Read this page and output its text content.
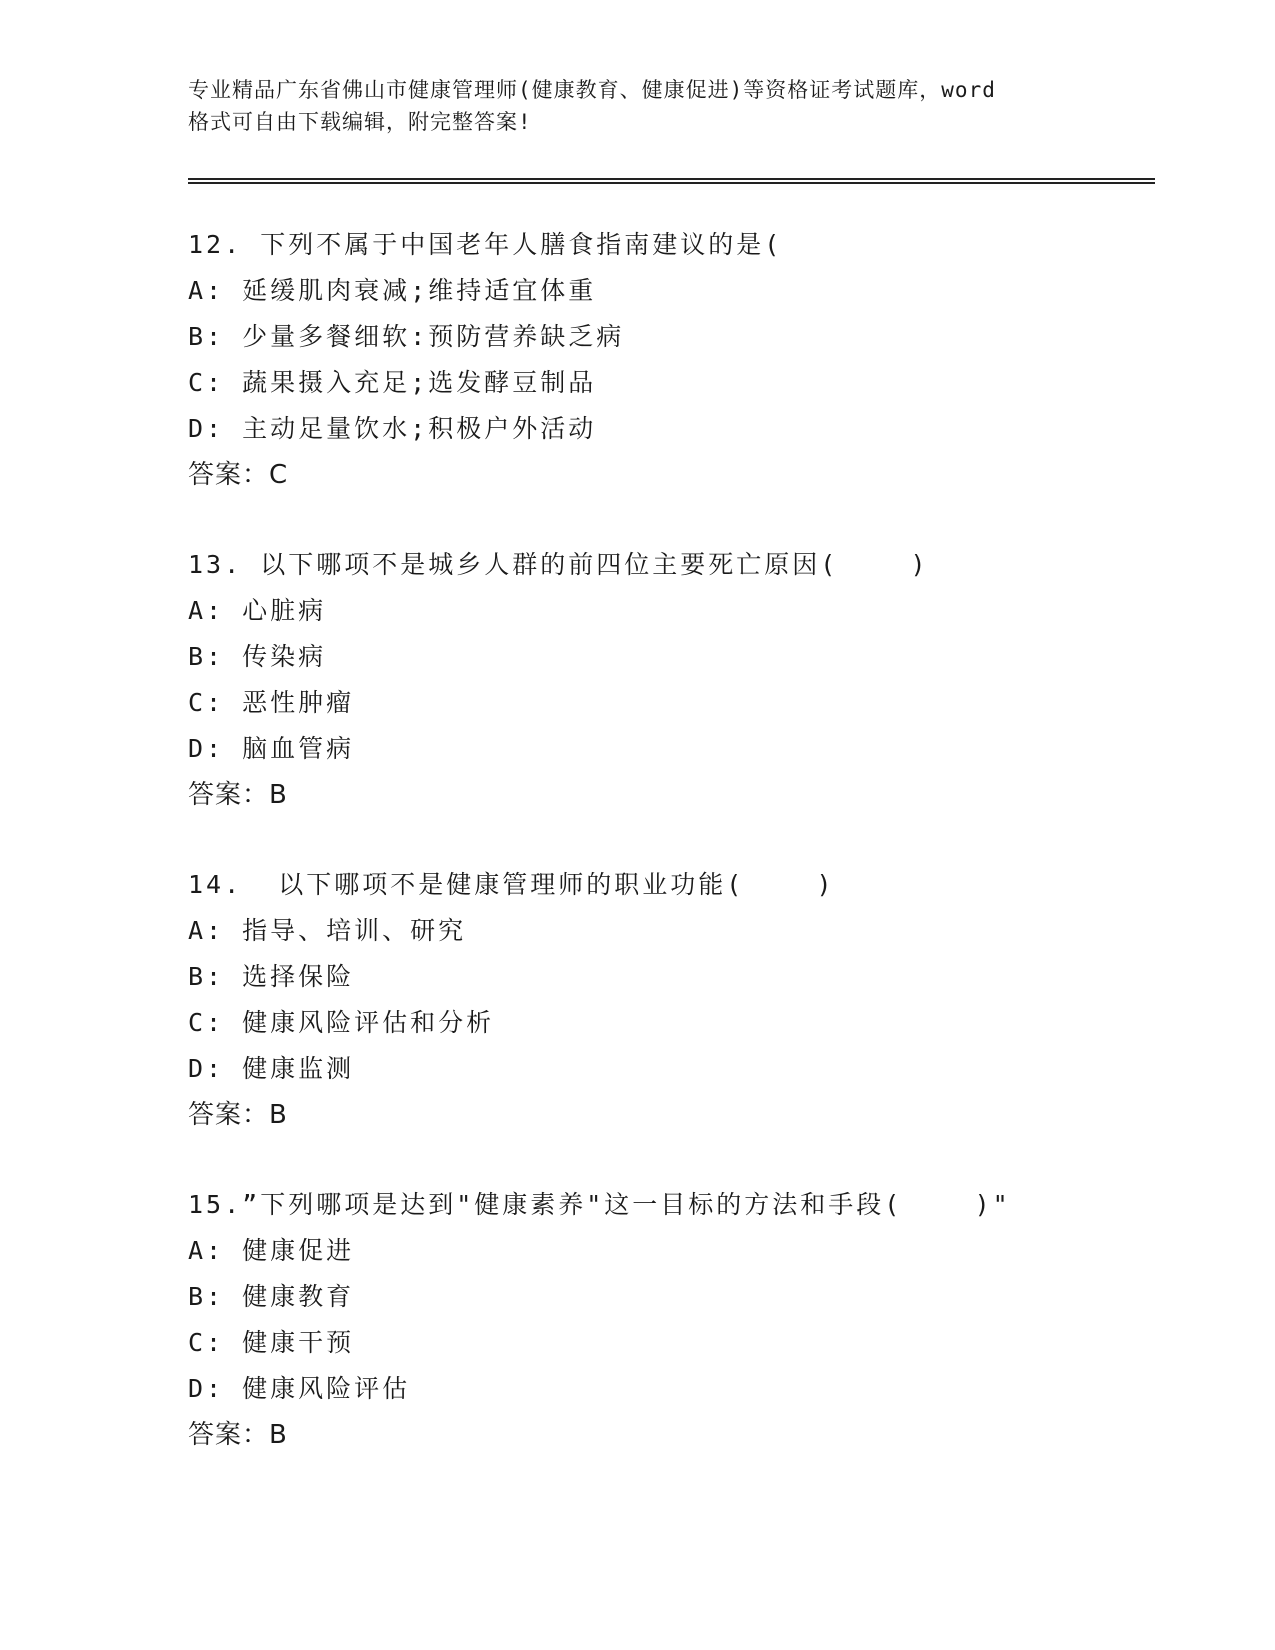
专业精品广东省佛山市健康管理师(健康教育、健康促进)等资格证考试题库，word
格式可自由下载编辑，附完整答案!
12. 下列不属于中国老年人膳食指南建议的是(
A: 延缓肌肉衰减;维持适宜体重
B: 少量多餐细软:预防营养缺乏病
C: 蔬果摄入充足;选发酵豆制品
D: 主动足量饮水;积极户外活动
答案：C
13. 以下哪项不是城乡人群的前四位主要死亡原因(    )
A: 心脏病
B: 传染病
C: 恶性肿瘤
D: 脑血管病
答案：B
14.  以下哪项不是健康管理师的职业功能(    )
A: 指导、培训、研究
B: 选择保险
C: 健康风险评估和分析
D: 健康监测
答案：B
15.”下列哪项是达到"健康素养"这一目标的方法和手段(    )"
A: 健康促进
B: 健康教育
C: 健康干预
D: 健康风险评估
答案：B
